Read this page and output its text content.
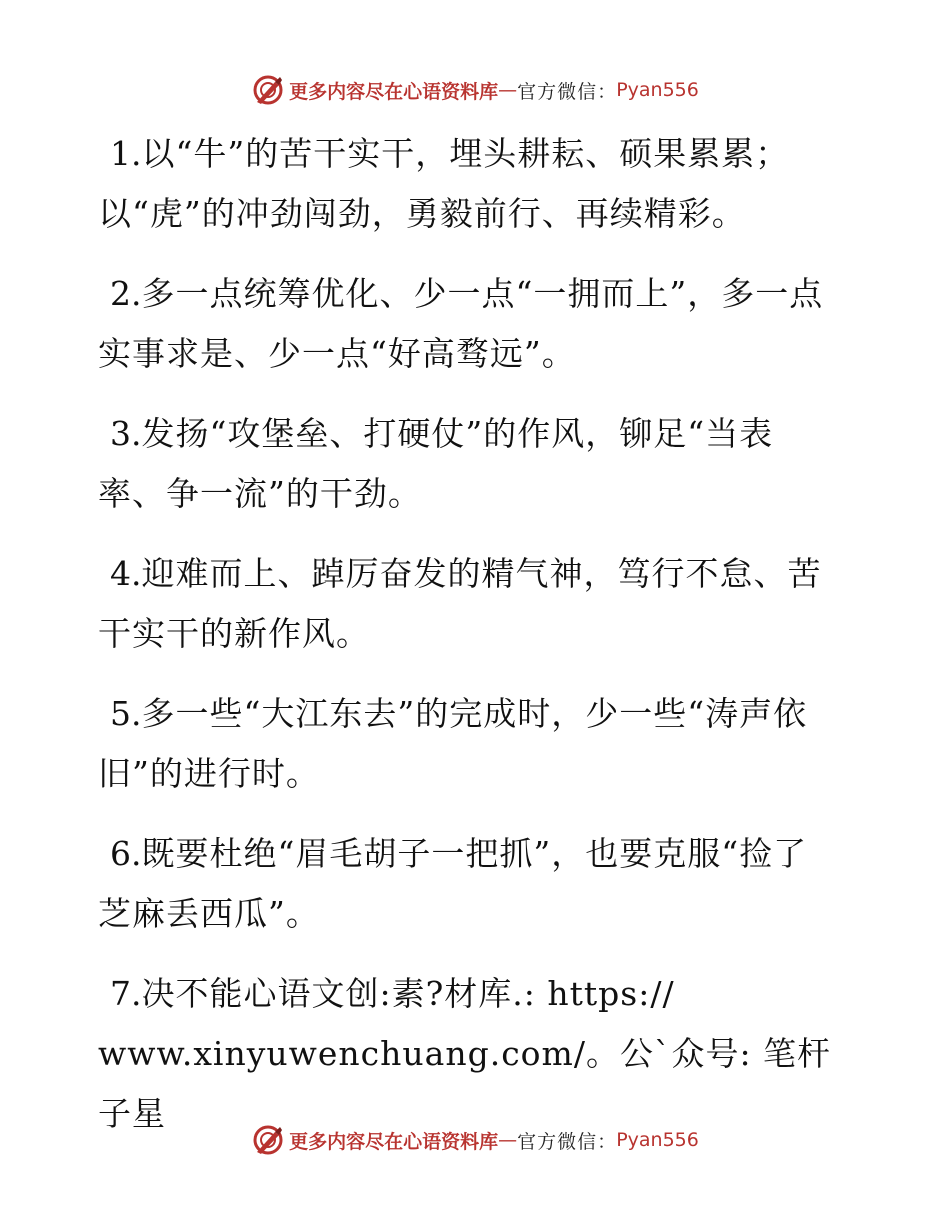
更多内容尽在心语资料库 — 官方微信 ： Pyan556

1.以“牛”的苦干实干，埋头耕耘、硕果累累；以“虎”的冲劲闯劲，勇毅前行、再续精彩。

2.多一点统筹优化、少一点“一拥而上”，多一点实事求是、少一点“好高骛远”。

3.发扬“攻堡垒、打硬仗”的作风，铆足“当表率、争一流”的干劲。

4.迎难而上、踔厉奋发的精气神，笃行不怠、苦干实干的新作风。

5.多一些“大江东去”的完成时，少一些“涛声依旧”的进行时。

6.既要杜绝“眉毛胡子一把抓”，也要克服“捡了芝麻丢西瓜”。

7.决不能心语文创:素?材库.: https:// www.xinyuwenchuang.com/。公`众号: 笔杆子星

更多内容尽在心语资料库 — 官方微信 ： Pyan556
